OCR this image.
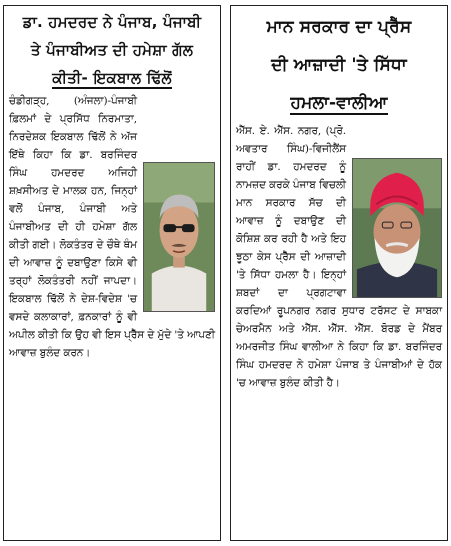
ਡਾ. ਹਮਦਰਦ ਨੇ ਪੰਜਾਬ, ਪੰਜਾਬੀ
ਤੇ ਪੰਜਾਬੀਅਤ ਦੀ ਹਮੇਸ਼ਾ ਗੱਲ
ਕੀਤੀ- ਇਕਬਾਲ ਢਿੱਲੋਂ

ਚੰਡੀਗੜ੍ਹ, (ਅੰਜਲਾ)-ਪੰਜਾਬੀ ਫ਼ਿਲਮਾਂ ਦੇ ਪ੍ਰਸਿੱਧ ਨਿਰਮਾਤਾ, ਨਿਰਦੇਸ਼ਕ ਇਕਬਾਲ ਢਿੱਲੋਂ ਨੇ ਅੱਜ ਇੱਥੇ ਕਿਹਾ ਕਿ ਡਾ. ਬਰਜਿੰਦਰ ਸਿੰਘ ਹਮਦਰਦ ਅਜਿਹੀ ਸ਼ਖ਼ਸੀਅਤ ਦੇ ਮਾਲਕ ਹਨ, ਜਿਨ੍ਹਾਂ ਵਲੋਂ ਪੰਜਾਬ, ਪੰਜਾਬੀ ਅਤੇ ਪੰਜਾਬੀਅਤ ਦੀ ਹੀ ਹਮੇਸ਼ਾ ਗੱਲ ਕੀਤੀ ਗਈ। ਲੋਕਤੰਤਰ ਦੇ ਚੌਥੇ ਥੰਮ ਦੀ ਆਵਾਜ਼ ਨੂੰ ਦਬਾਉਣਾ ਕਿਸੇ ਵੀ ਤਰ੍ਹਾਂ ਲੋਕਤੰਤਰੀ ਨਹੀਂ ਜਾਪਦਾ। ਇਕਬਾਲ ਢਿੱਲੋਂ ਨੇ ਦੇਸ਼-ਵਿਦੇਸ਼ 'ਚ ਵਸਦੇ ਕਲਾਕਾਰਾਂ, ਫ਼ਨਕਾਰਾਂ ਨੂੰ ਵੀ ਅਪੀਲ ਕੀਤੀ ਕਿ ਉਹ ਵੀ ਇਸ ਪ੍ਰੈੱਸ ਦੇ ਮੁੱਦੇ 'ਤੇ ਆਪਣੀ ਆਵਾਜ਼ ਬੁਲੰਦ ਕਰਨ।

ਮਾਨ ਸਰਕਾਰ ਦਾ ਪ੍ਰੈੱਸ
ਦੀ ਆਜ਼ਾਦੀ 'ਤੇ ਸਿੱਧਾ
ਹਮਲਾ-ਵਾਲੀਆ

ਐੱਸ. ਏ. ਐੱਸ. ਨਗਰ, (ਪ੍ਰੋ. ਅਵਤਾਰ ਸਿੰਘ)-ਵਿਜੀਲੈਂਸ ਰਾਹੀਂ ਡਾ. ਹਮਦਰਦ ਨੂੰ ਨਾਮਜ਼ਦ ਕਰਕੇ ਪੰਜਾਬ ਵਿਚਲੀ ਮਾਨ ਸਰਕਾਰ ਸੱਚ ਦੀ ਆਵਾਜ਼ ਨੂੰ ਦਬਾਉਣ ਦੀ ਕੋਸ਼ਿਸ਼ ਕਰ ਰਹੀ ਹੈ ਅਤੇ ਇਹ ਝੂਠਾ ਕੇਸ ਪ੍ਰੈੱਸ ਦੀ ਆਜ਼ਾਦੀ 'ਤੇ ਸਿੱਧਾ ਹਮਲਾ ਹੈ। ਇਨ੍ਹਾਂ ਸ਼ਬਦਾਂ ਦਾ ਪ੍ਰਗਟਾਵਾ ਕਰਦਿਆਂ ਰੂਪਨਗਰ ਨਗਰ ਸੁਧਾਰ ਟਰੱਸਟ ਦੇ ਸਾਬਕਾ ਚੇਅਰਮੈਨ ਅਤੇ ਐੱਸ. ਐੱਸ. ਐੱਸ. ਬੋਰਡ ਦੇ ਮੈਂਬਰ ਅਮਰਜੀਤ ਸਿੰਘ ਵਾਲੀਆ ਨੇ ਕਿਹਾ ਕਿ ਡਾ. ਬਰਜਿੰਦਰ ਸਿੰਘ ਹਮਦਰਦ ਨੇ ਹਮੇਸ਼ਾ ਪੰਜਾਬ ਤੇ ਪੰਜਾਬੀਆਂ ਦੇ ਹੱਕ 'ਚ ਆਵਾਜ਼ ਬੁਲੰਦ ਕੀਤੀ ਹੈ।
